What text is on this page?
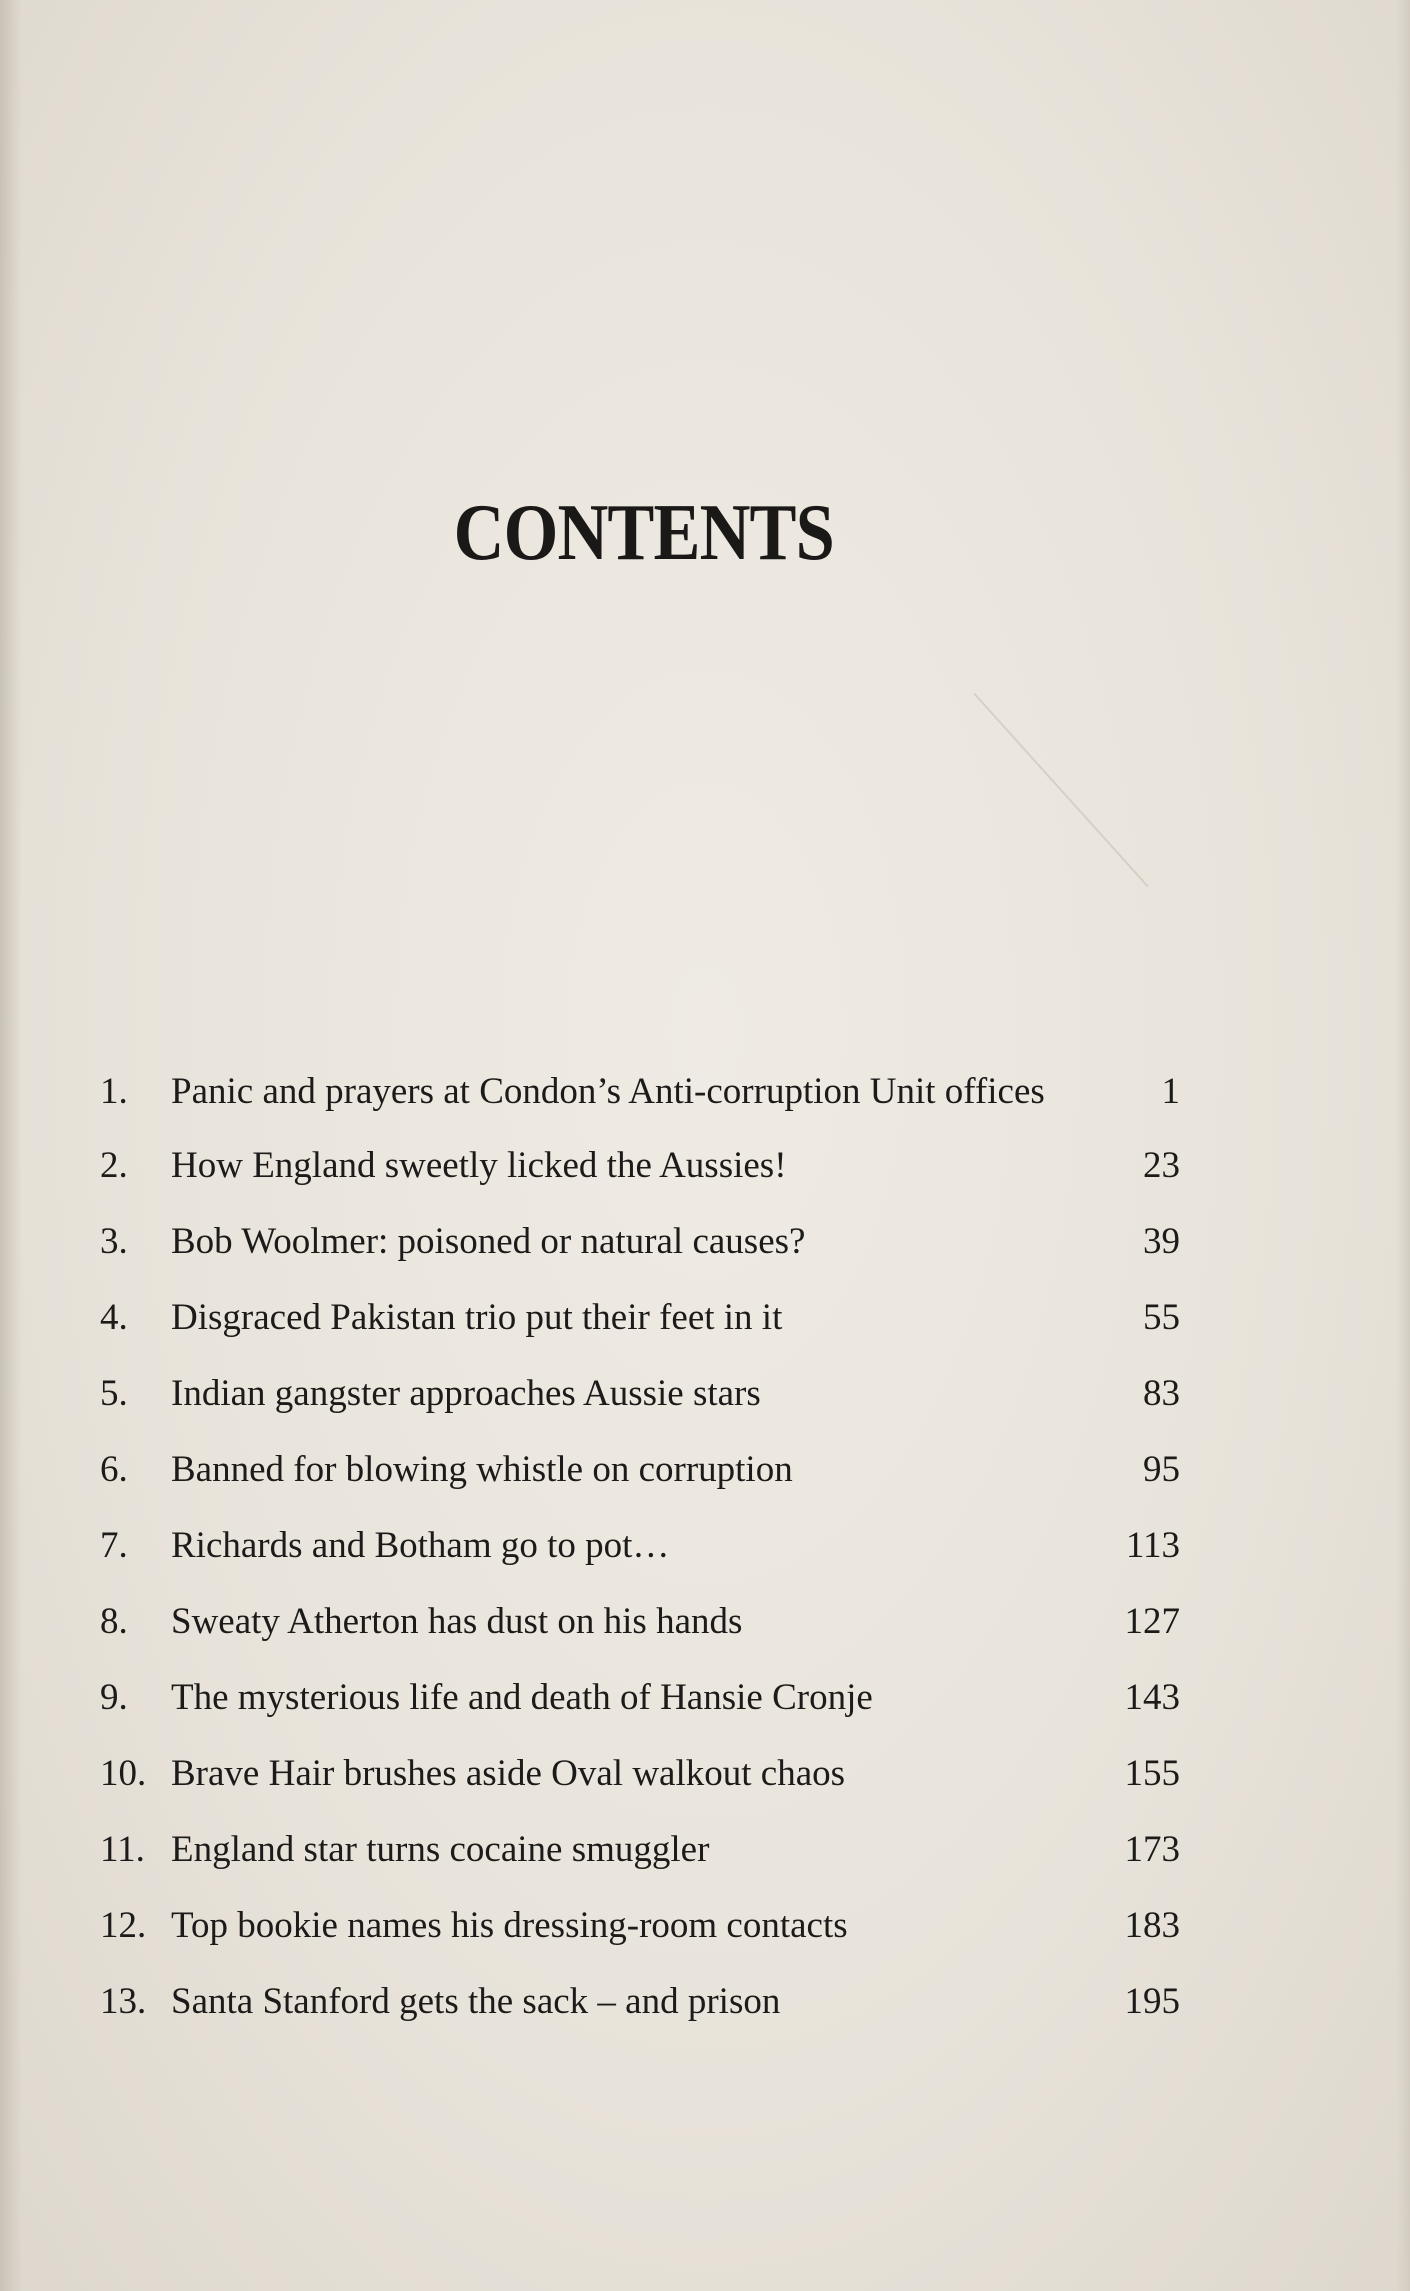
CONTENTS
1.	Panic and prayers at Condon’s Anti-corruption Unit offices	1
2.	How England sweetly licked the Aussies!	23
3.	Bob Woolmer: poisoned or natural causes?	39
4.	Disgraced Pakistan trio put their feet in it	55
5.	Indian gangster approaches Aussie stars	83
6.	Banned for blowing whistle on corruption	95
7.	Richards and Botham go to pot…	113
8.	Sweaty Atherton has dust on his hands	127
9.	The mysterious life and death of Hansie Cronje	143
10. Brave Hair brushes aside Oval walkout chaos	155
11. England star turns cocaine smuggler	173
12. Top bookie names his dressing-room contacts	183
13. Santa Stanford gets the sack – and prison	195
